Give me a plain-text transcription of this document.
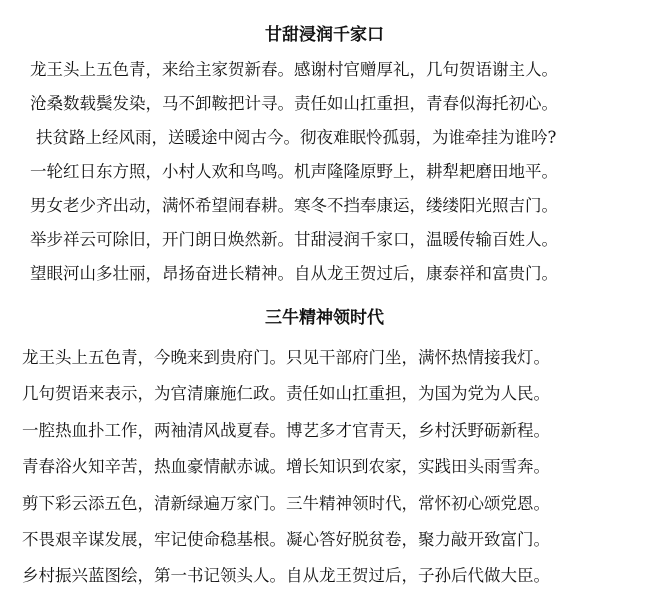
甘甜浸润千家口
龙王头上五色青，来给主家贺新春。感谢村官赠厚礼，几句贺语谢主人。
沧桑数载鬓发染，马不卸鞍把计寻。责任如山扛重担，青春似海托初心。
扶贫路上经风雨，送暖途中阅古今。彻夜难眠怜孤弱，为谁牵挂为谁吟?
一轮红日东方照，小村人欢和鸟鸣。机声隆隆原野上，耕犁耙磨田地平。
男女老少齐出动，满怀希望闹春耕。寒冬不挡奉康运，缕缕阳光照吉门。
举步祥云可除旧，开门朗日焕然新。甘甜浸润千家口，温暖传输百姓人。
望眼河山多壮丽，昂扬奋进长精神。自从龙王贺过后，康泰祥和富贵门。
三牛精神领时代
龙王头上五色青，今晚来到贵府门。只见干部府门坐，满怀热情接我灯。
几句贺语来表示，为官清廉施仁政。责任如山扛重担，为国为党为人民。
一腔热血扑工作，两袖清风战夏春。博艺多才官青天，乡村沃野砺新程。
青春浴火知辛苦，热血豪情献赤诚。增长知识到农家，实践田头雨雪奔。
剪下彩云添五色，清新绿遍万家门。三牛精神领时代，常怀初心颂党恩。
不畏艰辛谋发展，牢记使命稳基根。凝心答好脱贫卷，聚力敲开致富门。
乡村振兴蓝图绘，第一书记领头人。自从龙王贺过后，子孙后代做大臣。
